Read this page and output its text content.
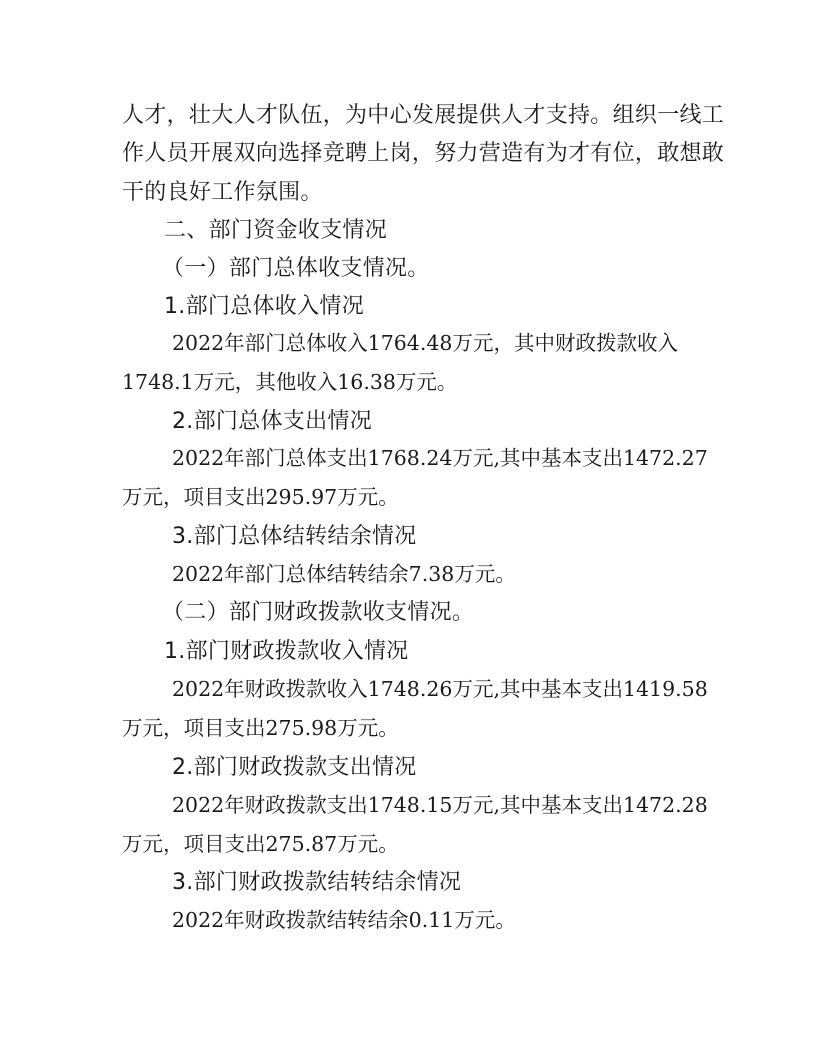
人才，壮大人才队伍，为中心发展提供人才支持。组织一线工
作人员开展双向选择竞聘上岗，努力营造有为才有位，敢想敢
干的良好工作氛围。
二、部门资金收支情况
（一）部门总体收支情况。
1.部门总体收入情况
2022年部门总体收入1764.48万元，其中财政拨款收入
1748.1万元，其他收入16.38万元。
2.部门总体支出情况
2022年部门总体支出1768.24万元,其中基本支出1472.27
万元，项目支出295.97万元。
3.部门总体结转结余情况
2022年部门总体结转结余7.38万元。
（二）部门财政拨款收支情况。
1.部门财政拨款收入情况
2022年财政拨款收入1748.26万元,其中基本支出1419.58
万元，项目支出275.98万元。
2.部门财政拨款支出情况
2022年财政拨款支出1748.15万元,其中基本支出1472.28
万元，项目支出275.87万元。
3.部门财政拨款结转结余情况
2022年财政拨款结转结余0.11万元。
